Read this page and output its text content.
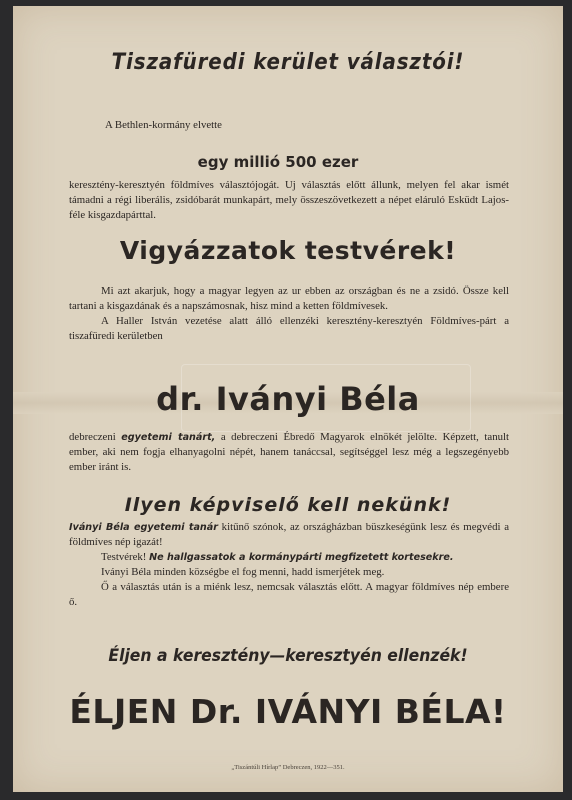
Tiszafüredi kerület választói!
A Bethlen-kormány elvette
egy millió 500 ezer
keresztény-keresztyén földmíves választójogát. Uj választás előtt állunk, melyen fel akar ismét támadni a régi liberális, zsidóbarát munkapárt, mely összeszövetkezett a népet eláruló Esküdt Lajos-féle kisgazdapárttal.
Vigyázzatok testvérek!
Mi azt akarjuk, hogy a magyar legyen az ur ebben az országban és ne a zsidó. Össze kell tartani a kisgazdának és a napszámosnak, hisz mind a ketten földmívesek.
A Haller István vezetése alatt álló ellenzéki keresztény-keresztyén Földmíves-párt a tiszafüredi kerületben
dr. Iványi Béla
debreczeni egyetemi tanárt, a debreczeni Ébredő Magyarok elnökét jelölte. Képzett, tanult ember, aki nem fogja elhanyagolni népét, hanem tanáccsal, segítséggel lesz még a legszegényebb ember iránt is.
Ilyen képviselő kell nekünk!
Iványi Béla egyetemi tanár kitűnő szónok, az országházban büszkeségünk lesz és megvédi a földmíves nép igazát!
Testvérek! Ne hallgassatok a kormánypárti megfizetett kortesekre.
Iványi Béla minden községbe el fog menni, hadd ismerjétek meg.
Ő a választás után is a miénk lesz, nemcsak választás előtt. A magyar földmíves nép embere ő.
Éljen a keresztény—keresztyén ellenzék!
ÉLJEN Dr. IVÁNYI BÉLA!
„Tiszántúli Hírlap” Debreczen, 1922—351.
